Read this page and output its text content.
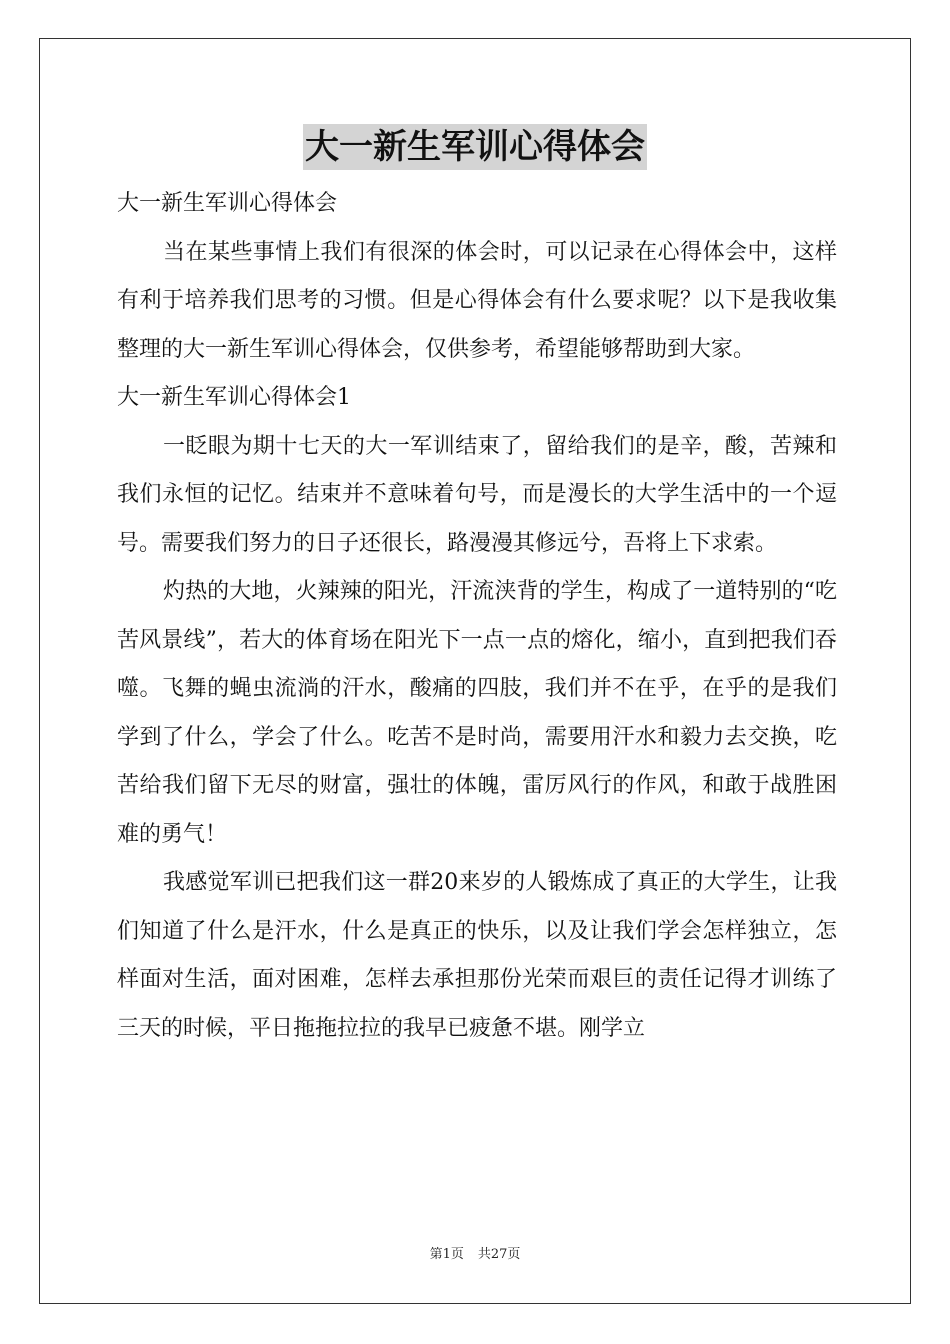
大一新生军训心得体会

大一新生军训心得体会

当在某些事情上我们有很深的体会时，可以记录在心得体会中，这样有利于培养我们思考的习惯。但是心得体会有什么要求呢？以下是我收集整理的大一新生军训心得体会，仅供参考，希望能够帮助到大家。

大一新生军训心得体会1

一眨眼为期十七天的大一军训结束了，留给我们的是辛，酸，苦辣和我们永恒的记忆。结束并不意味着句号，而是漫长的大学生活中的一个逗号。需要我们努力的日子还很长，路漫漫其修远兮，吾将上下求索。

灼热的大地，火辣辣的阳光，汗流浃背的学生，构成了一道特别的“吃苦风景线”，若大的体育场在阳光下一点一点的熔化，缩小，直到把我们吞噬。飞舞的蝇虫流淌的汗水，酸痛的四肢，我们并不在乎，在乎的是我们学到了什么，学会了什么。吃苦不是时尚，需要用汗水和毅力去交换，吃苦给我们留下无尽的财富，强壮的体魄，雷厉风行的作风，和敢于战胜困难的勇气！

我感觉军训已把我们这一群20来岁的人锻炼成了真正的大学生，让我们知道了什么是汗水，什么是真正的快乐，以及让我们学会怎样独立，怎样面对生活，面对困难，怎样去承担那份光荣而艰巨的责任记得才训练了三天的时候，平日拖拖拉拉的我早已疲惫不堪。刚学立

第1页 共27页
